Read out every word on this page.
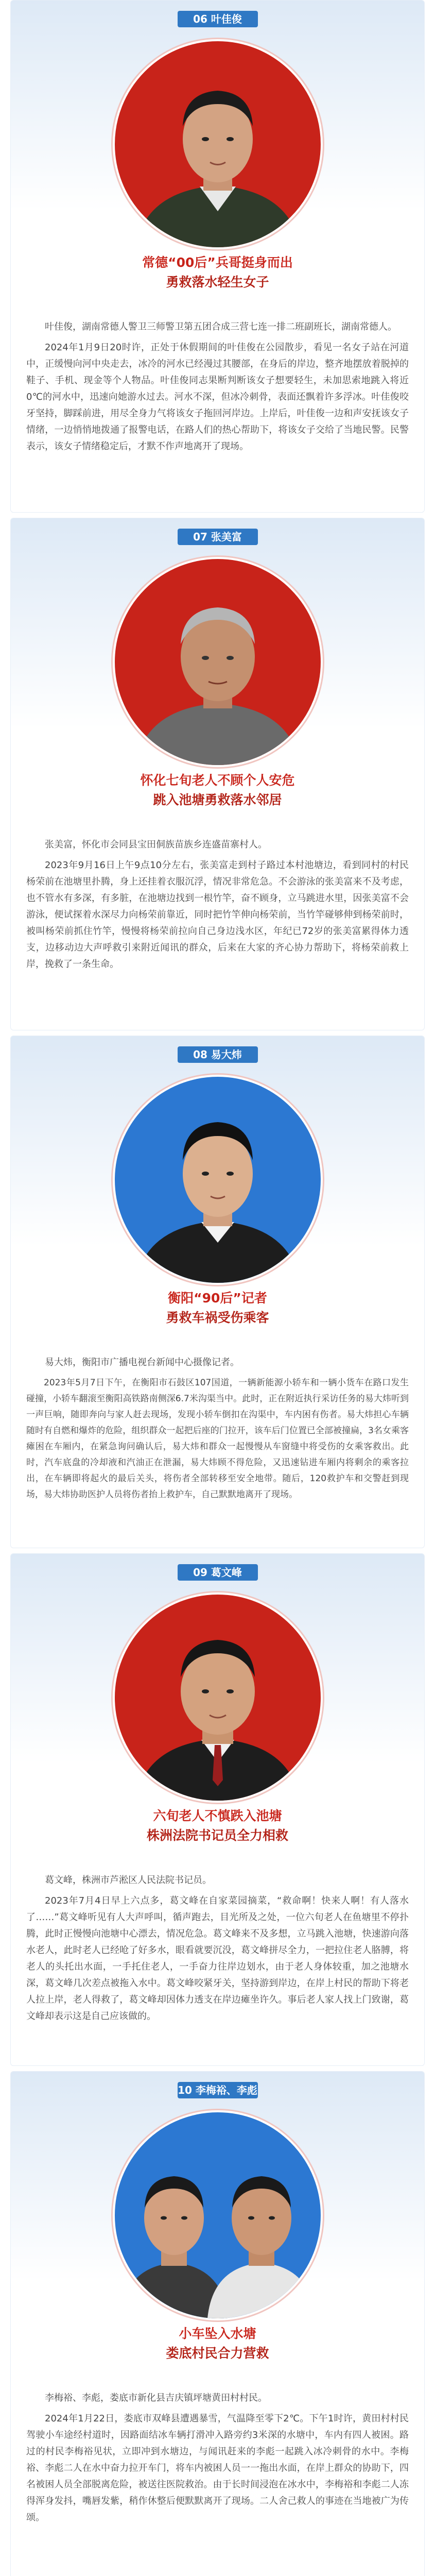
06 叶佳俊
常德“00后”兵哥挺身而出
勇救落水轻生女子

叶佳俊，湖南常德人警卫三师警卫第五团合成三营七连一排二班副班长，湖南常德人。

2024年1月9日20时许，正处于休假期间的叶佳俊在公园散步，看见一名女子站在河道中，正缓慢向河中央走去，冰冷的河水已经漫过其腰部，在身后的岸边，整齐地摆放着脱掉的鞋子、手机、现金等个人物品。叶佳俊同志果断判断该女子想要轻生，未加思索地跳入将近0℃的河水中，迅速向她游水过去。河水不深，但冰冷刺骨，表面还飘着许多浮冰。叶佳俊咬牙坚持，脚踩前进，用尽全身力气将该女子拖回河岸边。上岸后，叶佳俊一边和声安抚该女子情绪，一边悄悄地拨通了报警电话，在路人们的热心帮助下，将该女子交给了当地民警。民警表示，该女子情绪稳定后，才默不作声地离开了现场。

07 张美富
怀化七旬老人不顾个人安危
跳入池塘勇救落水邻居

张美富，怀化市会同县宝田侗族苗族乡连盛苗寨村人。

2023年9月16日上午9点10分左右，张美富走到村子路过本村池塘边，看到同村的村民杨荣前在池塘里扑腾，身上还挂着衣服沉浮，情况非常危急。不会游泳的张美富来不及考虑，也不管水有多深，有多脏，在池塘边找到一根竹竿，奋不顾身，立马跳进水里，因张美富不会游泳，便试探着水深尽力向杨荣前靠近，同时把竹竿伸向杨荣前，当竹竿碰够伸到杨荣前时，被叫杨荣前抓住竹竿，慢慢将杨荣前拉向自己身边浅水区，年纪已72岁的张美富累得体力透支，边移动边大声呼救引来附近闻讯的群众，后来在大家的齐心协力帮助下，将杨荣前救上岸，挽救了一条生命。

08 易大炜
衡阳“90后”记者
勇救车祸受伤乘客

易大炜，衡阳市广播电视台新闻中心摄像记者。

2023年5月7日下午，在衡阳市石鼓区107国道，一辆新能源小轿车和一辆小货车在路口发生碰撞，小轿车翻滚至衡阳高铁路南侧深6.7米沟渠当中。此时，正在附近执行采访任务的易大炜听到一声巨响，随即奔向与家人赶去现场，发现小轿车倒扣在沟渠中，车内困有伤者。易大炜担心车辆随时有自燃和爆炸的危险，组织群众一起把后座的门拉开，该车后门位置已全部被撞扁，3名女乘客瘫困在车厢内，在紧急询问确认后，易大炜和群众一起慢慢从车窗缝中将受伤的女乘客救出。此时，汽车底盘的冷却液和汽油正在泄漏，易大炜顾不得危险，又迅速钻进车厢内将剩余的乘客拉出，在车辆即将起火的最后关头，将伤者全部转移至安全地带。随后，120救护车和交警赶到现场，易大炜协助医护人员将伤者抬上救护车，自己默默地离开了现场。

09 葛文峰
六旬老人不慎跌入池塘
株洲法院书记员全力相救

葛文峰，株洲市芦淞区人民法院书记员。

2023年7月4日早上六点多，葛文峰在自家菜园摘菜，“救命啊！快来人啊！有人落水了……”葛文峰听见有人大声呼叫，循声跑去，目光所及之处，一位六旬老人在鱼塘里不停扑腾，此时正慢慢向池塘中心漂去，情况危急。葛文峰来不及多想，立马跳入池塘，快速游向落水老人，此时老人已经呛了好多水，眼看就要沉没，葛文峰拼尽全力，一把拉住老人胳膊，将老人的头托出水面，一手托住老人，一手奋力往岸边划水，由于老人身体较重，加之池塘水深，葛文峰几次差点被拖入水中。葛文峰咬紧牙关，坚持游到岸边，在岸上村民的帮助下将老人拉上岸，老人得救了，葛文峰却因体力透支在岸边瘫坐许久。事后老人家人找上门致谢，葛文峰却表示这是自己应该做的。

10 李梅裕、李彪
小车坠入水塘
娄底村民合力营救

李梅裕、李彪，娄底市新化县吉庆镇坪塘黄田村村民。

2024年1月22日，娄底市双峰县遭遇暴雪，气温降至零下2℃。下午1时许，黄田村村民驾驶小车途经村道时，因路面结冰车辆打滑冲入路旁约3米深的水塘中，车内有四人被困。路过的村民李梅裕见状，立即冲到水塘边，与闻讯赶来的李彪一起跳入冰冷刺骨的水中。李梅裕、李彪二人在水中奋力拉开车门，将车内被困人员一一拖出水面，在岸上群众的协助下，四名被困人员全部脱离危险，被送往医院救治。由于长时间浸泡在冰水中，李梅裕和李彪二人冻得浑身发抖，嘴唇发紫，稍作休整后便默默离开了现场。二人舍己救人的事迹在当地被广为传颂。
